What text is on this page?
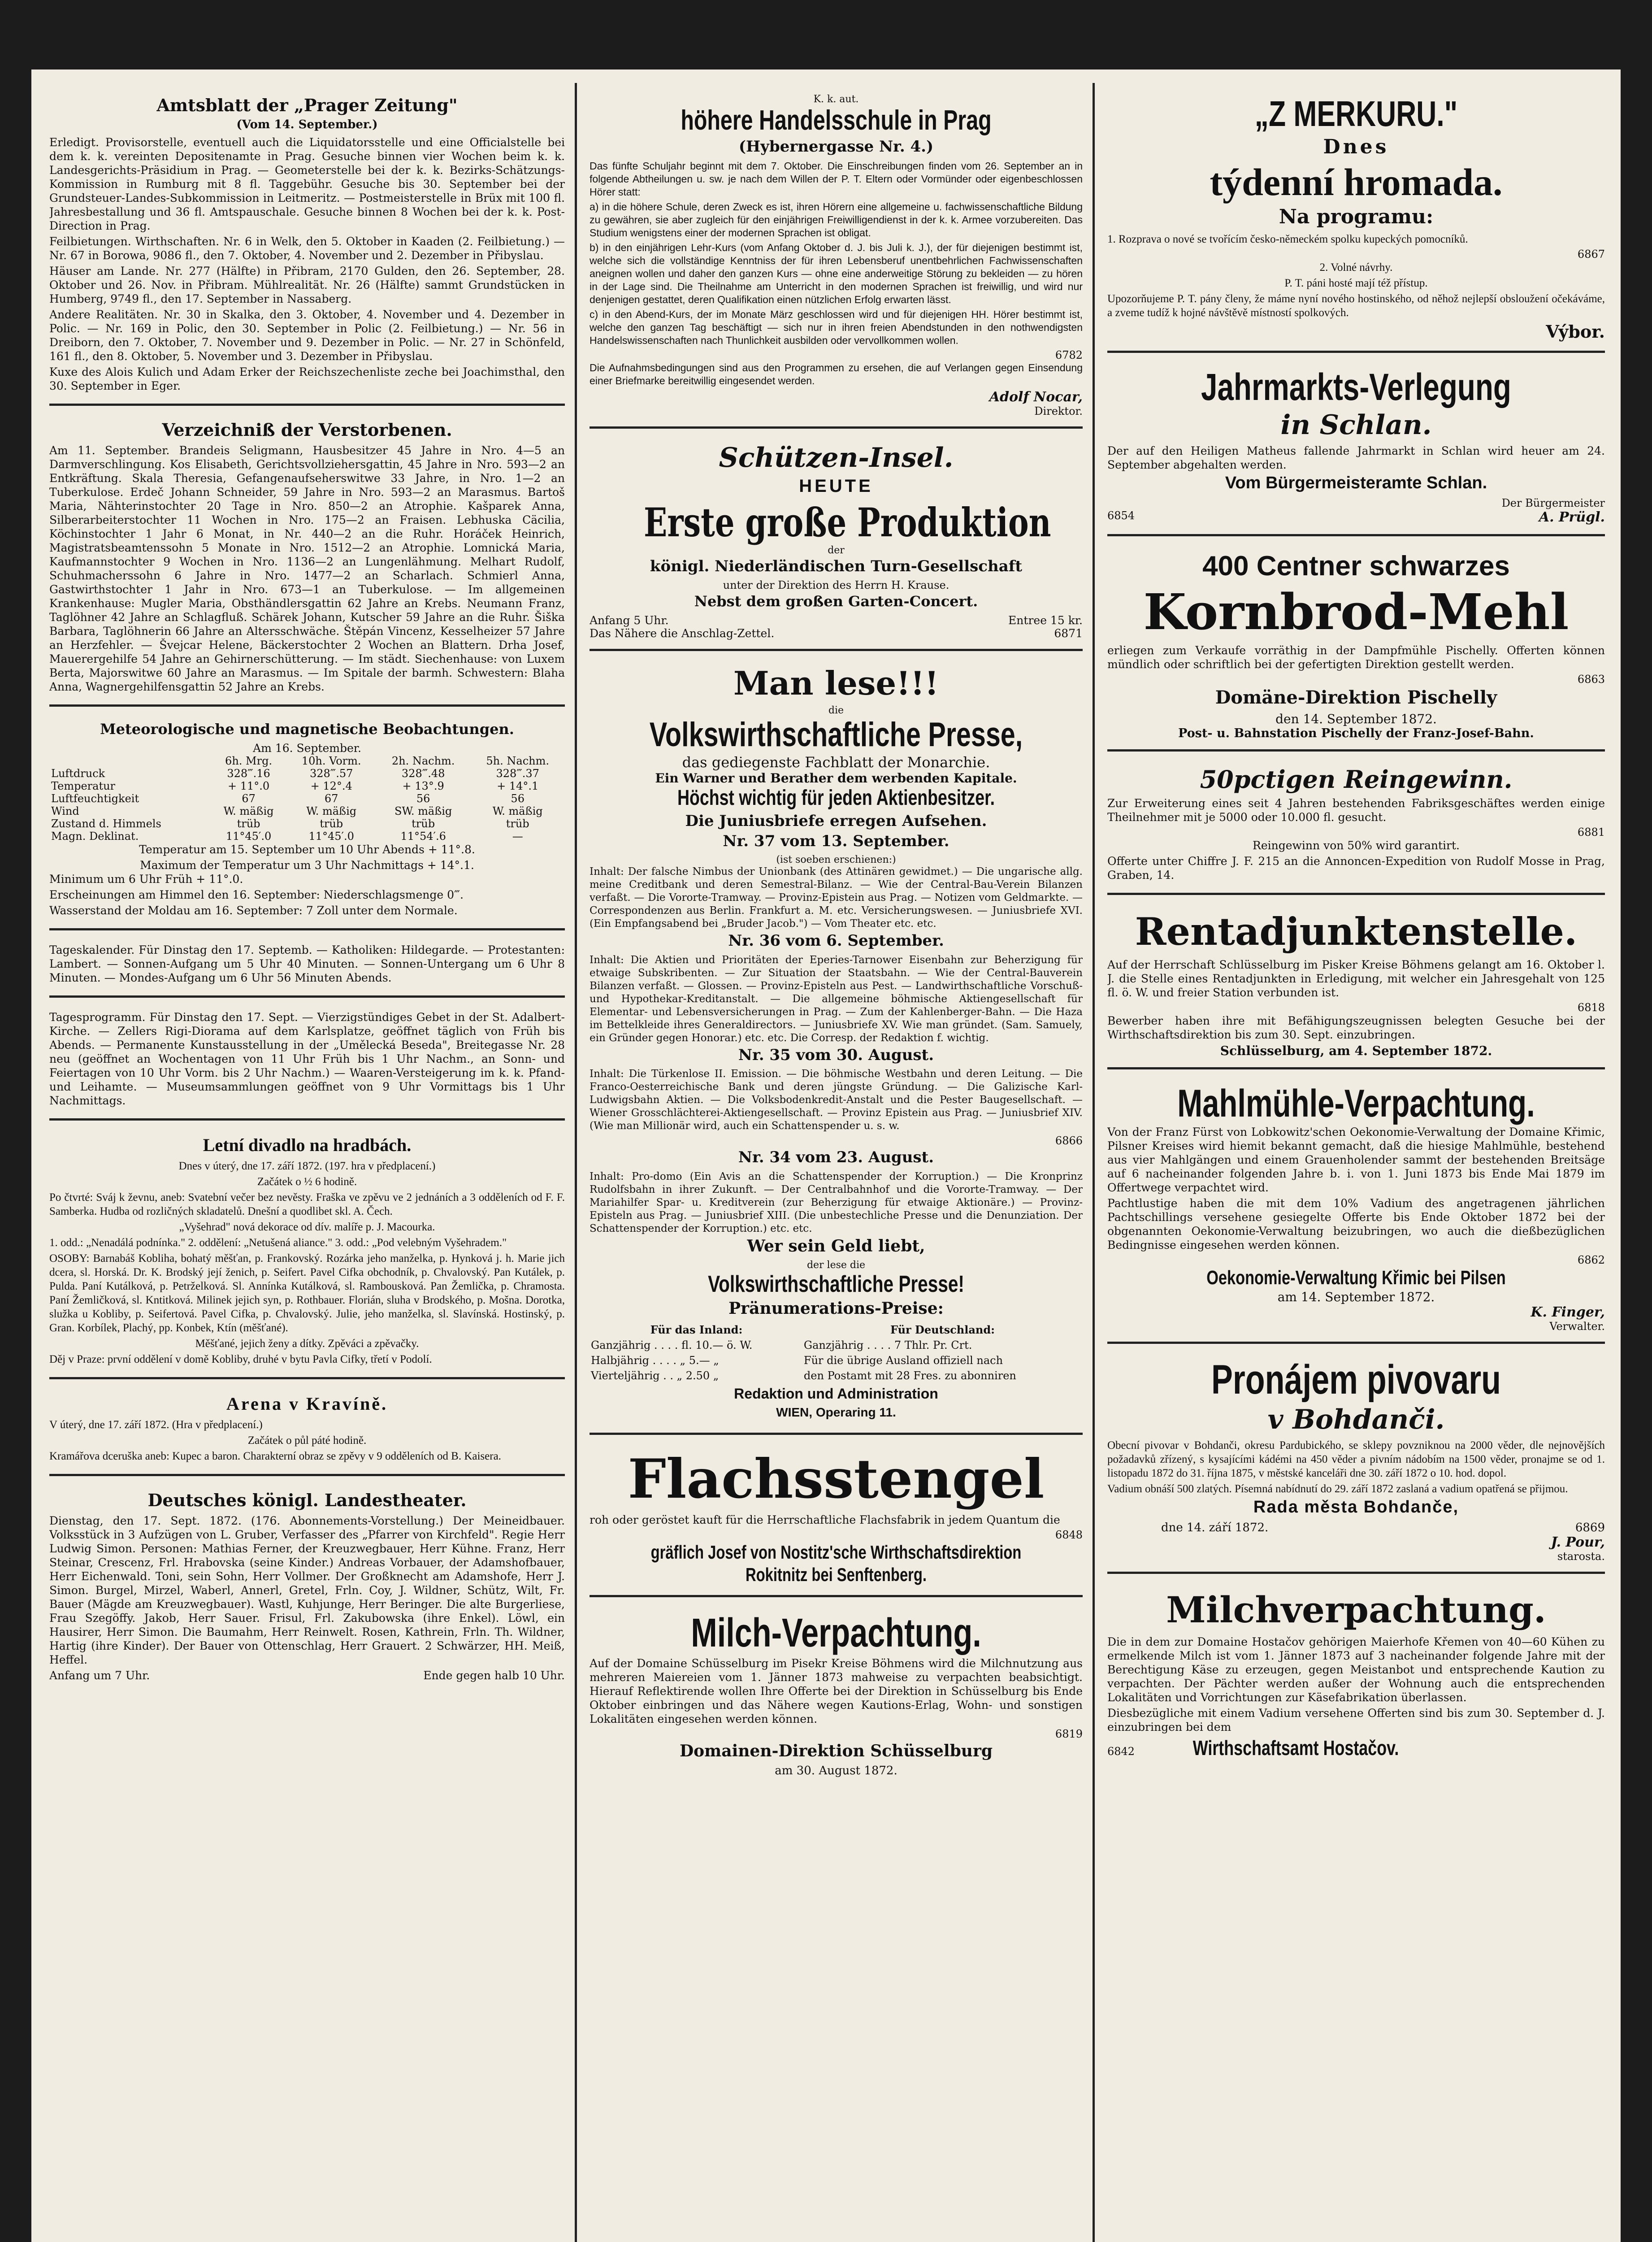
Amtsblatt der „Prager Zeitung"
(Vom 14. September.)

Erledigt. Provisorstelle, eventuell auch die Liquidatorsstelle und eine Officialstelle bei dem k. k. vereinten Depositenamte in Prag. Gesuche binnen vier Wochen beim k. k. Landesgerichts-Präsidium in Prag. — Geometerstelle bei der k. k. Bezirks-Schätzungs-Kommission in Rumburg mit 8 fl. Taggebühr. Gesuche bis 30. September bei der Grundsteuer-Landes-Subkommission in Leitmeritz. — Postmeisterstelle in Brüx mit 100 fl. Jahresbestallung und 36 fl. Amtspauschale. Gesuche binnen 8 Wochen bei der k. k. Post-Direction in Prag.

Feilbietungen. Wirthschaften. Nr. 6 in Welk, den 5. Oktober in Kaaden (2. Feilbietung.) — Nr. 67 in Borowa, 9086 fl., den 7. Oktober, 4. November und 2. Dezember in Přibyslau.

Häuser am Lande. Nr. 277 (Hälfte) in Přibram, 2170 Gulden, den 26. September, 28. Oktober und 26. Nov. in Přibram. Mühlrealität. Nr. 26 (Hälfte) sammt Grundstücken in Humberg, 9749 fl., den 17. September in Nassaberg.

Andere Realitäten. Nr. 30 in Skalka, den 3. Oktober, 4. November und 4. Dezember in Polic. — Nr. 169 in Polic, den 30. September in Polic (2. Feilbietung.) — Nr. 56 in Dreiborn, den 7. Oktober, 7. November und 9. Dezember in Polic. — Nr. 27 in Schönfeld, 161 fl., den 8. Oktober, 5. November und 3. Dezember in Přibyslau.

Kuxe des Alois Kulich und Adam Erker der Reichszechenliste zeche bei Joachimsthal, den 30. September in Eger.

Verzeichniß der Verstorbenen.

Am 11. September. Brandeis Seligmann, Hausbesitzer 45 Jahre in Nro. 4—5 an Darmverschlingung. Kos Elisabeth, Gerichtsvollziehersgattin, 45 Jahre in Nro. 593—2 an Entkräftung. Skala Theresia, Gefangenaufseherswitwe 33 Jahre, in Nro. 1—2 an Tuberkulose. Erdeč Johann Schneider, 59 Jahre in Nro. 593—2 an Marasmus. Bartoš Maria, Nähterinstochter 20 Tage in Nro. 850—2 an Atrophie. Kašparek Anna, Silberarbeiterstochter 11 Wochen in Nro. 175—2 an Fraisen. Lebhuska Cäcilia, Köchinstochter 1 Jahr 6 Monat, in Nr. 440—2 an die Ruhr. Horáček Heinrich, Magistratsbeamtenssohn 5 Monate in Nro. 1512—2 an Atrophie. Lomnická Maria, Kaufmannstochter 9 Wochen in Nro. 1136—2 an Lungenlähmung. Melhart Rudolf, Schuhmacherssohn 6 Jahre in Nro. 1477—2 an Scharlach. Schmierl Anna, Gastwirthstochter 1 Jahr in Nro. 673—1 an Tuberkulose. — Im allgemeinen Krankenhause: Mugler Maria, Obsthändlersgattin 62 Jahre an Krebs. Neumann Franz, Taglöhner 42 Jahre an Schlagfluß. Schärek Johann, Kutscher 59 Jahre an die Ruhr. Šiška Barbara, Taglöhnerin 66 Jahre an Altersschwäche. Štěpán Vincenz, Kesselheizer 57 Jahre an Herzfehler. — Švejcar Helene, Bäckerstochter 2 Wochen an Blattern. Drha Josef, Mauerergehilfe 54 Jahre an Gehirnerschütterung. — Im städt. Siechenhause: von Luxem Berta, Majorswitwe 60 Jahre an Marasmus. — Im Spitale der barmh. Schwestern: Blaha Anna, Wagnergehilfensgattin 52 Jahre an Krebs.

Meteorologische und magnetische Beobachtungen.
Am 16. September.
	6h. Mrg.	10h. Vorm.	2h. Nachm.	5h. Nachm.
Luftdruck	328‴.16	328‴.57	328‴.48	328‴.37
Temperatur	+ 11°.0	+ 12°.4	+ 13°.9	+ 14°.1
Luftfeuchtigkeit	67	67	56	56
Wind	W. mäßig	W. mäßig	SW. mäßig	W. mäßig
Zustand d. Himmels	trüb	trüb	trüb	trüb
Magn. Deklinat.	11°45′.0	11°45′.0	11°54′.6	—

Temperatur am 15. September um 10 Uhr Abends + 11°.8.

Maximum der Temperatur um 3 Uhr Nachmittags + 14°.1.

Minimum um 6 Uhr Früh + 11°.0.

Erscheinungen am Himmel den 16. September: Niederschlagsmenge 0‴.

Wasserstand der Moldau am 16. September: 7 Zoll unter dem Normale.

Tageskalender. Für Dinstag den 17. Septemb. — Katholiken: Hildegarde. — Protestanten: Lambert. — Sonnen-Aufgang um 5 Uhr 40 Minuten. — Sonnen-Untergang um 6 Uhr 8 Minuten. — Mondes-Aufgang um 6 Uhr 56 Minuten Abends.

Tagesprogramm. Für Dinstag den 17. Sept. — Vierzigstündiges Gebet in der St. Adalbert-Kirche. — Zellers Rigi-Diorama auf dem Karlsplatze, geöffnet täglich von Früh bis Abends. — Permanente Kunstausstellung in der „Umělecká Beseda", Breitegasse Nr. 28 neu (geöffnet an Wochentagen von 11 Uhr Früh bis 1 Uhr Nachm., an Sonn- und Feiertagen von 10 Uhr Vorm. bis 2 Uhr Nachm.) — Waaren-Versteigerung im k. k. Pfand- und Leihamte. — Museumsammlungen geöffnet von 9 Uhr Vormittags bis 1 Uhr Nachmittags.

Letní divadlo na hradbách.

Dnes v úterý, dne 17. září 1872. (197. hra v předplacení.)

Začátek o ½ 6 hodině.

Po čtvrté: Sváj k ževnu, aneb: Svatební večer bez nevěsty. Fraška ve zpěvu ve 2 jednáních a 3 odděleních od F. F. Samberka. Hudba od rozličných skladatelů. Dnešní a quodlibet skl. A. Čech.

„Vyšehrad" nová dekorace od dív. malíře p. J. Macourka.

1. odd.: „Nenadálá podnínka." 2. oddělení: „Netušená aliance." 3. odd.: „Pod velebným Vyšehradem."

OSOBY: Barnabáš Kobliha, bohatý měšťan, p. Frankovský. Rozárka jeho manželka, p. Hynková j. h. Marie jich dcera, sl. Horská. Dr. K. Brodský její ženich, p. Seifert. Pavel Cifka obchodník, p. Chvalovský. Pan Kutálek, p. Pulda. Paní Kutálková, p. Petrželková. Sl. Annínka Kutálková, sl. Rambousková. Pan Žemlička, p. Chramosta. Paní Žemličková, sl. Kntitková. Milinek jejich syn, p. Rothbauer. Florián, sluha v Brodského, p. Mošna. Dorotka, služka u Kobliby, p. Seifertová. Pavel Cifka, p. Chvalovský. Julie, jeho manželka, sl. Slavínská. Hostinský, p. Gran. Korbílek, Plachý, pp. Konbek, Ktín (měšťané).

Měšťané, jejich ženy a dítky. Zpěváci a zpěvačky.

Děj v Praze: první oddělení v domě Kobliby, druhé v bytu Pavla Cifky, třetí v Podolí.

Arena v Kravíně.

V úterý, dne 17. září 1872. (Hra v předplacení.)

Začátek o půl páté hodině.

Kramářova dceruška aneb: Kupec a baron. Charakterní obraz se zpěvy v 9 odděleních od B. Kaisera.

Deutsches königl. Landestheater.

Dienstag, den 17. Sept. 1872. (176. Abonnements-Vorstellung.) Der Meineidbauer. Volksstück in 3 Aufzügen von L. Gruber, Verfasser des „Pfarrer von Kirchfeld". Regie Herr Ludwig Simon. Personen: Mathias Ferner, der Kreuzwegbauer, Herr Kühne. Franz, Herr Steinar, Crescenz, Frl. Hrabovska (seine Kinder.) Andreas Vorbauer, der Adamshofbauer, Herr Eichenwald. Toni, sein Sohn, Herr Vollmer. Der Großknecht am Adamshofe, Herr J. Simon. Burgel, Mirzel, Waberl, Annerl, Gretel, Frln. Coy, J. Wildner, Schütz, Wilt, Fr. Bauer (Mägde am Kreuzwegbauer). Wastl, Kuhjunge, Herr Beringer. Die alte Burgerliese, Frau Szegöffy. Jakob, Herr Sauer. Frisul, Frl. Zakubowska (ihre Enkel). Löwl, ein Hausirer, Herr Simon. Die Baumahm, Herr Reinwelt. Rosen, Kathrein, Frln. Th. Wildner, Hartig (ihre Kinder). Der Bauer von Ottenschlag, Herr Grauert. 2 Schwärzer, HH. Meiß, Heffel.

Anfang um 7 Uhr.	Ende gegen halb 10 Uhr.

K. k. aut.
höhere Handelsschule in Prag
(Hybernergasse Nr. 4.)

Das fünfte Schuljahr beginnt mit dem 7. Oktober. Die Einschreibungen finden vom 26. September an in folgende Abtheilungen u. sw. je nach dem Willen der P. T. Eltern oder Vormünder oder eigenbeschlossen Hörer statt:

a) in die höhere Schule, deren Zweck es ist, ihren Hörern eine allgemeine u. fachwissenschaftliche Bildung zu gewähren, sie aber zugleich für den einjährigen Freiwilligendienst in der k. k. Armee vorzubereiten. Das Studium wenigstens einer der modernen Sprachen ist obligat.

b) in den einjährigen Lehr-Kurs (vom Anfang Oktober d. J. bis Juli k. J.), der für diejenigen bestimmt ist, welche sich die vollständige Kenntniss der für ihren Lebensberuf unentbehrlichen Fachwissenschaften aneignen wollen und daher den ganzen Kurs — ohne eine anderweitige Störung zu bekleiden — zu hören in der Lage sind. Die Theilnahme am Unterricht in den modernen Sprachen ist freiwillig, und wird nur denjenigen gestattet, deren Qualifikation einen nützlichen Erfolg erwarten lässt.

c) in den Abend-Kurs, der im Monate März geschlossen wird und für diejenigen HH. Hörer bestimmt ist, welche den ganzen Tag beschäftigt — sich nur in ihren freien Abendstunden in den nothwendigsten Handelswissenschaften nach Thunlichkeit ausbilden oder vervollkommen wollen.

6782

Die Aufnahmsbedingungen sind aus den Programmen zu ersehen, die auf Verlangen gegen Einsendung einer Briefmarke bereitwillig eingesendet werden.

Adolf Nocar,
Direktor.
Schützen-Insel.
HEUTE
Erste große Produktion
der
königl. Niederländischen Turn-Gesellschaft
unter der Direktion des Herrn H. Krause.
Nebst dem großen Garten-Concert.
Anfang 5 Uhr.	Entree 15 kr.
Das Nähere die Anschlag-Zettel.	6871
Man lese!!!
die
Volkswirthschaftliche Presse,
das gediegenste Fachblatt der Monarchie.
Ein Warner und Berather dem werbenden Kapitale.
Höchst wichtig für jeden Aktienbesitzer.
Die Juniusbriefe erregen Aufsehen.
Nr. 37 vom 13. September.
(ist soeben erschienen:)

Inhalt: Der falsche Nimbus der Unionbank (des Attinären gewidmet.) — Die ungarische allg. meine Creditbank und deren Semestral-Bilanz. — Wie der Central-Bau-Verein Bilanzen verfaßt. — Die Vororte-Tramway. — Provinz-Epistein aus Prag. — Notizen vom Geldmarkte. — Correspondenzen aus Berlin. Frankfurt a. M. etc. Versicherungswesen. — Juniusbriefe XVI. (Ein Empfangsabend bei „Bruder Jacob.") — Vom Theater etc. etc.

Nr. 36 vom 6. September.

Inhalt: Die Aktien und Prioritäten der Eperies-Tarnower Eisenbahn zur Beherzigung für etwaige Subskribenten. — Zur Situation der Staatsbahn. — Wie der Central-Bauverein Bilanzen verfaßt. — Glossen. — Provinz-Episteln aus Pest. — Landwirthschaftliche Vorschuß- und Hypothekar-Kreditanstalt. — Die allgemeine böhmische Aktiengesellschaft für Elementar- und Lebensversicherungen in Prag. — Zum der Kahlenberger-Bahn. — Die Haza im Bettelkleide ihres Generaldirectors. — Juniusbriefe XV. Wie man gründet. (Sam. Samuely, ein Gründer gegen Honorar.) etc. etc. Die Corresp. der Redaktion f. wichtig.

Nr. 35 vom 30. August.

Inhalt: Die Türkenlose II. Emission. — Die böhmische Westbahn und deren Leitung. — Die Franco-Oesterreichische Bank und deren jüngste Gründung. — Die Galizische Karl-Ludwigsbahn Aktien. — Die Volksbodenkredit-Anstalt und die Pester Baugesellschaft. — Wiener Grosschlächterei-Aktiengesellschaft. — Provinz Epistein aus Prag. — Juniusbrief XIV. (Wie man Millionär wird, auch ein Schattenspender u. s. w.

6866
Nr. 34 vom 23. August.

Inhalt: Pro-domo (Ein Avis an die Schattenspender der Korruption.) — Die Kronprinz Rudolfsbahn in ihrer Zukunft. — Der Centralbahnhof und die Vororte-Tramway. — Der Mariahilfer Spar- u. Kreditverein (zur Beherzigung für etwaige Aktionäre.) — Provinz-Episteln aus Prag. — Juniusbrief XIII. (Die unbestechliche Presse und die Denunziation. Der Schattenspender der Korruption.) etc. etc.

Wer sein Geld liebt,
der lese die
Volkswirthschaftliche Presse!
Pränumerations-Preise:
Für das Inland:	Für Deutschland:
Ganzjährig . . . . fl. 10.— ö. W.	Ganzjährig . . . . 7 Thlr. Pr. Crt.
Halbjährig . . . . „ 5.— „	Für die übrige Ausland offiziell nach
Vierteljährig . . „ 2.50 „	den Postamt mit 28 Fres. zu abonniren
Redaktion und Administration
WIEN, Operaring 11.
Flachsstengel

roh oder geröstet kauft für die Herrschaftliche Flachsfabrik in jedem Quantum die

6848
gräflich Josef von Nostitz'sche Wirthschaftsdirektion Rokitnitz bei Senftenberg.
Milch-Verpachtung.

Auf der Domaine Schüsselburg im Pisekr Kreise Böhmens wird die Milchnutzung aus mehreren Maiereien vom 1. Jänner 1873 mahweise zu verpachten beabsichtigt. Hierauf Reflektirende wollen Ihre Offerte bei der Direktion in Schüsselburg bis Ende Oktober einbringen und das Nähere wegen Kautions-Erlag, Wohn- und sonstigen Lokalitäten eingesehen werden können.

6819
Domainen-Direktion Schüsselburg
am 30. August 1872.
„Z MERKURU."
Dnes
týdenní hromada.
Na programu:

1. Rozprava o nové se tvořícím česko-německém spolku kupeckých pomocníků.

6867

2. Volné návrhy.

P. T. páni hosté mají též přístup.

Upozorňujeme P. T. pány členy, že máme nyní nového hostinského, od něhož nejlepší obsloužení očekáváme, a zveme tudíž k hojné návštěvě místností spolkových.

Výbor.
Jahrmarkts-Verlegung
in Schlan.

Der auf den Heiligen Matheus fallende Jahrmarkt in Schlan wird heuer am 24. September abgehalten werden.

Vom Bürgermeisteramte Schlan.
Der Bürgermeister
6854	A. Prügl.
400 Centner schwarzes
Kornbrod-Mehl

erliegen zum Verkaufe vorräthig in der Dampfmühle Pischelly. Offerten können mündlich oder schriftlich bei der gefertigten Direktion gestellt werden.

6863
Domäne-Direktion Pischelly
den 14. September 1872.
Post- u. Bahnstation Pischelly der Franz-Josef-Bahn.
50pctigen Reingewinn.

Zur Erweiterung eines seit 4 Jahren bestehenden Fabriksgeschäftes werden einige Theilnehmer mit je 5000 oder 10.000 fl. gesucht.

6881

Reingewinn von 50% wird garantirt.

Offerte unter Chiffre J. F. 215 an die Annoncen-Expedition von Rudolf Mosse in Prag, Graben, 14.

Rentadjunktenstelle.

Auf der Herrschaft Schlüsselburg im Pisker Kreise Böhmens gelangt am 16. Oktober l. J. die Stelle eines Rentadjunkten in Erledigung, mit welcher ein Jahresgehalt von 125 fl. ö. W. und freier Station verbunden ist.

6818

Bewerber haben ihre mit Befähigungszeugnissen belegten Gesuche bei der Wirthschaftsdirektion bis zum 30. Sept. einzubringen.

Schlüsselburg, am 4. September 1872.
Mahlmühle-Verpachtung.

Von der Franz Fürst von Lobkowitz'schen Oekonomie-Verwaltung der Domaine Křimic, Pilsner Kreises wird hiemit bekannt gemacht, daß die hiesige Mahlmühle, bestehend aus vier Mahlgängen und einem Grauenholender sammt der bestehenden Breitsäge auf 6 nacheinander folgenden Jahre b. i. von 1. Juni 1873 bis Ende Mai 1879 im Offertwege verpachtet wird.

Pachtlustige haben die mit dem 10% Vadium des angetragenen jährlichen Pachtschillings versehene gesiegelte Offerte bis Ende Oktober 1872 bei der obgenannten Oekonomie-Verwaltung beizubringen, wo auch die dießbezüglichen Bedingnisse eingesehen werden können.

6862
Oekonomie-Verwaltung Křimic bei Pilsen
am 14. September 1872.
K. Finger,
Verwalter.
Pronájem pivovaru
v Bohdanči.

Obecní pivovar v Bohdanči, okresu Pardubického, se sklepy povzniknou na 2000 věder, dle nejnovějších požadavků zřízený, s kysajícími kádémi na 450 věder a pivním nádobím na 1500 věder, pronajme se od 1. listopadu 1872 do 31. října 1875, v městské kanceláři dne 30. září 1872 o 10. hod. dopol.

Vadium obnáší 500 zlatých. Písemná nabídnutí do 29. září 1872 zaslaná a vadium opatřená se přijmou.

Rada města Bohdanče,
dne 14. září 1872.	6869
J. Pour,
starosta.
Milchverpachtung.

Die in dem zur Domaine Hostačov gehörigen Maierhofe Křemen von 40—60 Kühen zu ermelkende Milch ist vom 1. Jänner 1873 auf 3 nacheinander folgende Jahre mit der Berechtigung Käse zu erzeugen, gegen Meistanbot und entsprechende Kaution zu verpachten. Der Pächter werden außer der Wohnung auch die entsprechenden Lokalitäten und Vorrichtungen zur Käsefabrikation überlassen.

Diesbezügliche mit einem Vadium versehene Offerten sind bis zum 30. September d. J. einzubringen bei dem

6842	Wirthschaftsamt Hostačov.
